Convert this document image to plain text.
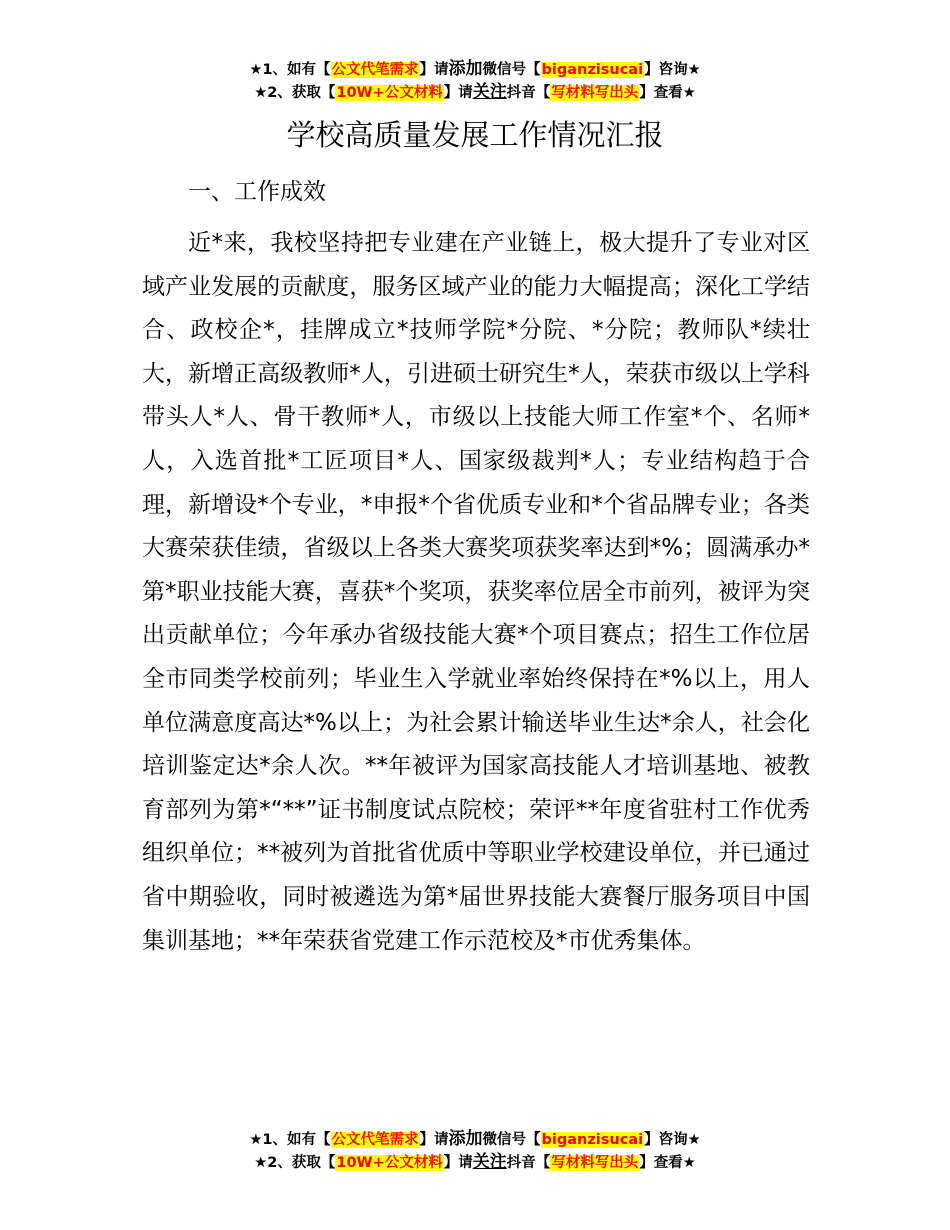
★1、如有【公文代笔需求】请添加微信号【biganzisucai】咨询★
★2、获取【10W+公文材料】请关注抖音【写材料写出头】查看★
学校高质量发展工作情况汇报
一、工作成效

近*来，我校坚持把专业建在产业链上，极大提升了专业对区域产业发展的贡献度，服务区域产业的能力大幅提高；深化工学结合、政校企*，挂牌成立*技师学院*分院、*分院；教师队*续壮大，新增正高级教师*人，引进硕士研究生*人，荣获市级以上学科带头人*人、骨干教师*人，市级以上技能大师工作室*个、名师*人，入选首批*工匠项目*人、国家级裁判*人；专业结构趋于合理，新增设*个专业，*申报*个省优质专业和*个省品牌专业；各类大赛荣获佳绩，省级以上各类大赛奖项获奖率达到*%；圆满承办*第*职业技能大赛，喜获*个奖项，获奖率位居全市前列，被评为突出贡献单位；今年承办省级技能大赛*个项目赛点；招生工作位居全市同类学校前列；毕业生入学就业率始终保持在*%以上，用人单位满意度高达*%以上；为社会累计输送毕业生达*余人，社会化培训鉴定达*余人次。**年被评为国家高技能人才培训基地、被教育部列为第*“**”证书制度试点院校；荣评**年度省驻村工作优秀组织单位；**被列为首批省优质中等职业学校建设单位，并已通过省中期验收，同时被遴选为第*届世界技能大赛餐厅服务项目中国集训基地；**年荣获省党建工作示范校及*市优秀集体。

★1、如有【公文代笔需求】请添加微信号【biganzisucai】咨询★
★2、获取【10W+公文材料】请关注抖音【写材料写出头】查看★
